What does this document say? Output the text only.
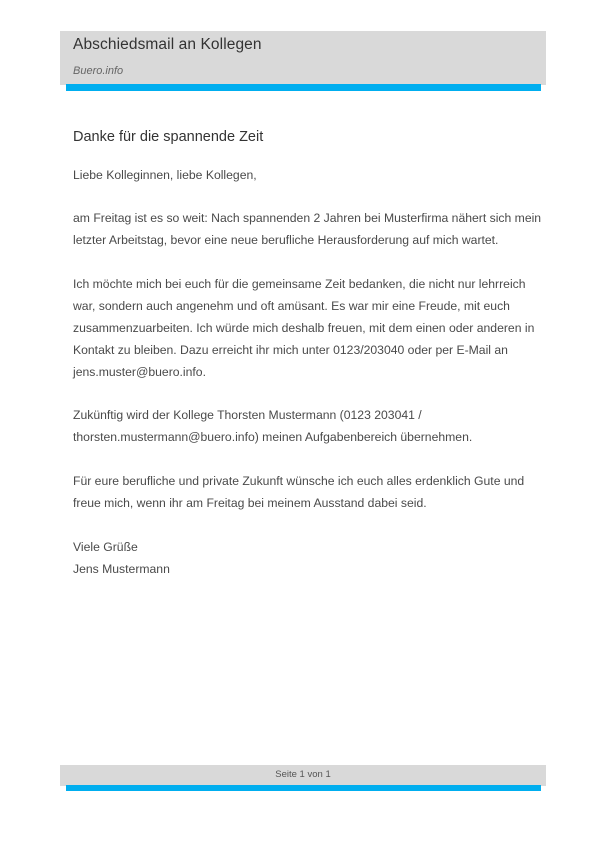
Abschiedsmail an Kollegen
Buero.info
Danke für die spannende Zeit

Liebe Kolleginnen, liebe Kollegen,

am Freitag ist es so weit: Nach spannenden 2 Jahren bei Musterfirma nähert sich mein
letzter Arbeitstag, bevor eine neue berufliche Herausforderung auf mich wartet.

Ich möchte mich bei euch für die gemeinsame Zeit bedanken, die nicht nur lehrreich
war, sondern auch angenehm und oft amüsant. Es war mir eine Freude, mit euch
zusammenzuarbeiten. Ich würde mich deshalb freuen, mit dem einen oder anderen in
Kontakt zu bleiben. Dazu erreicht ihr mich unter 0123/203040 oder per E-Mail an
jens.muster@buero.info.

Zukünftig wird der Kollege Thorsten Mustermann (0123 203041 /
thorsten.mustermann@buero.info) meinen Aufgabenbereich übernehmen.

Für eure berufliche und private Zukunft wünsche ich euch alles erdenklich Gute und
freue mich, wenn ihr am Freitag bei meinem Ausstand dabei seid.

Viele Grüße
Jens Mustermann

Seite 1 von 1
